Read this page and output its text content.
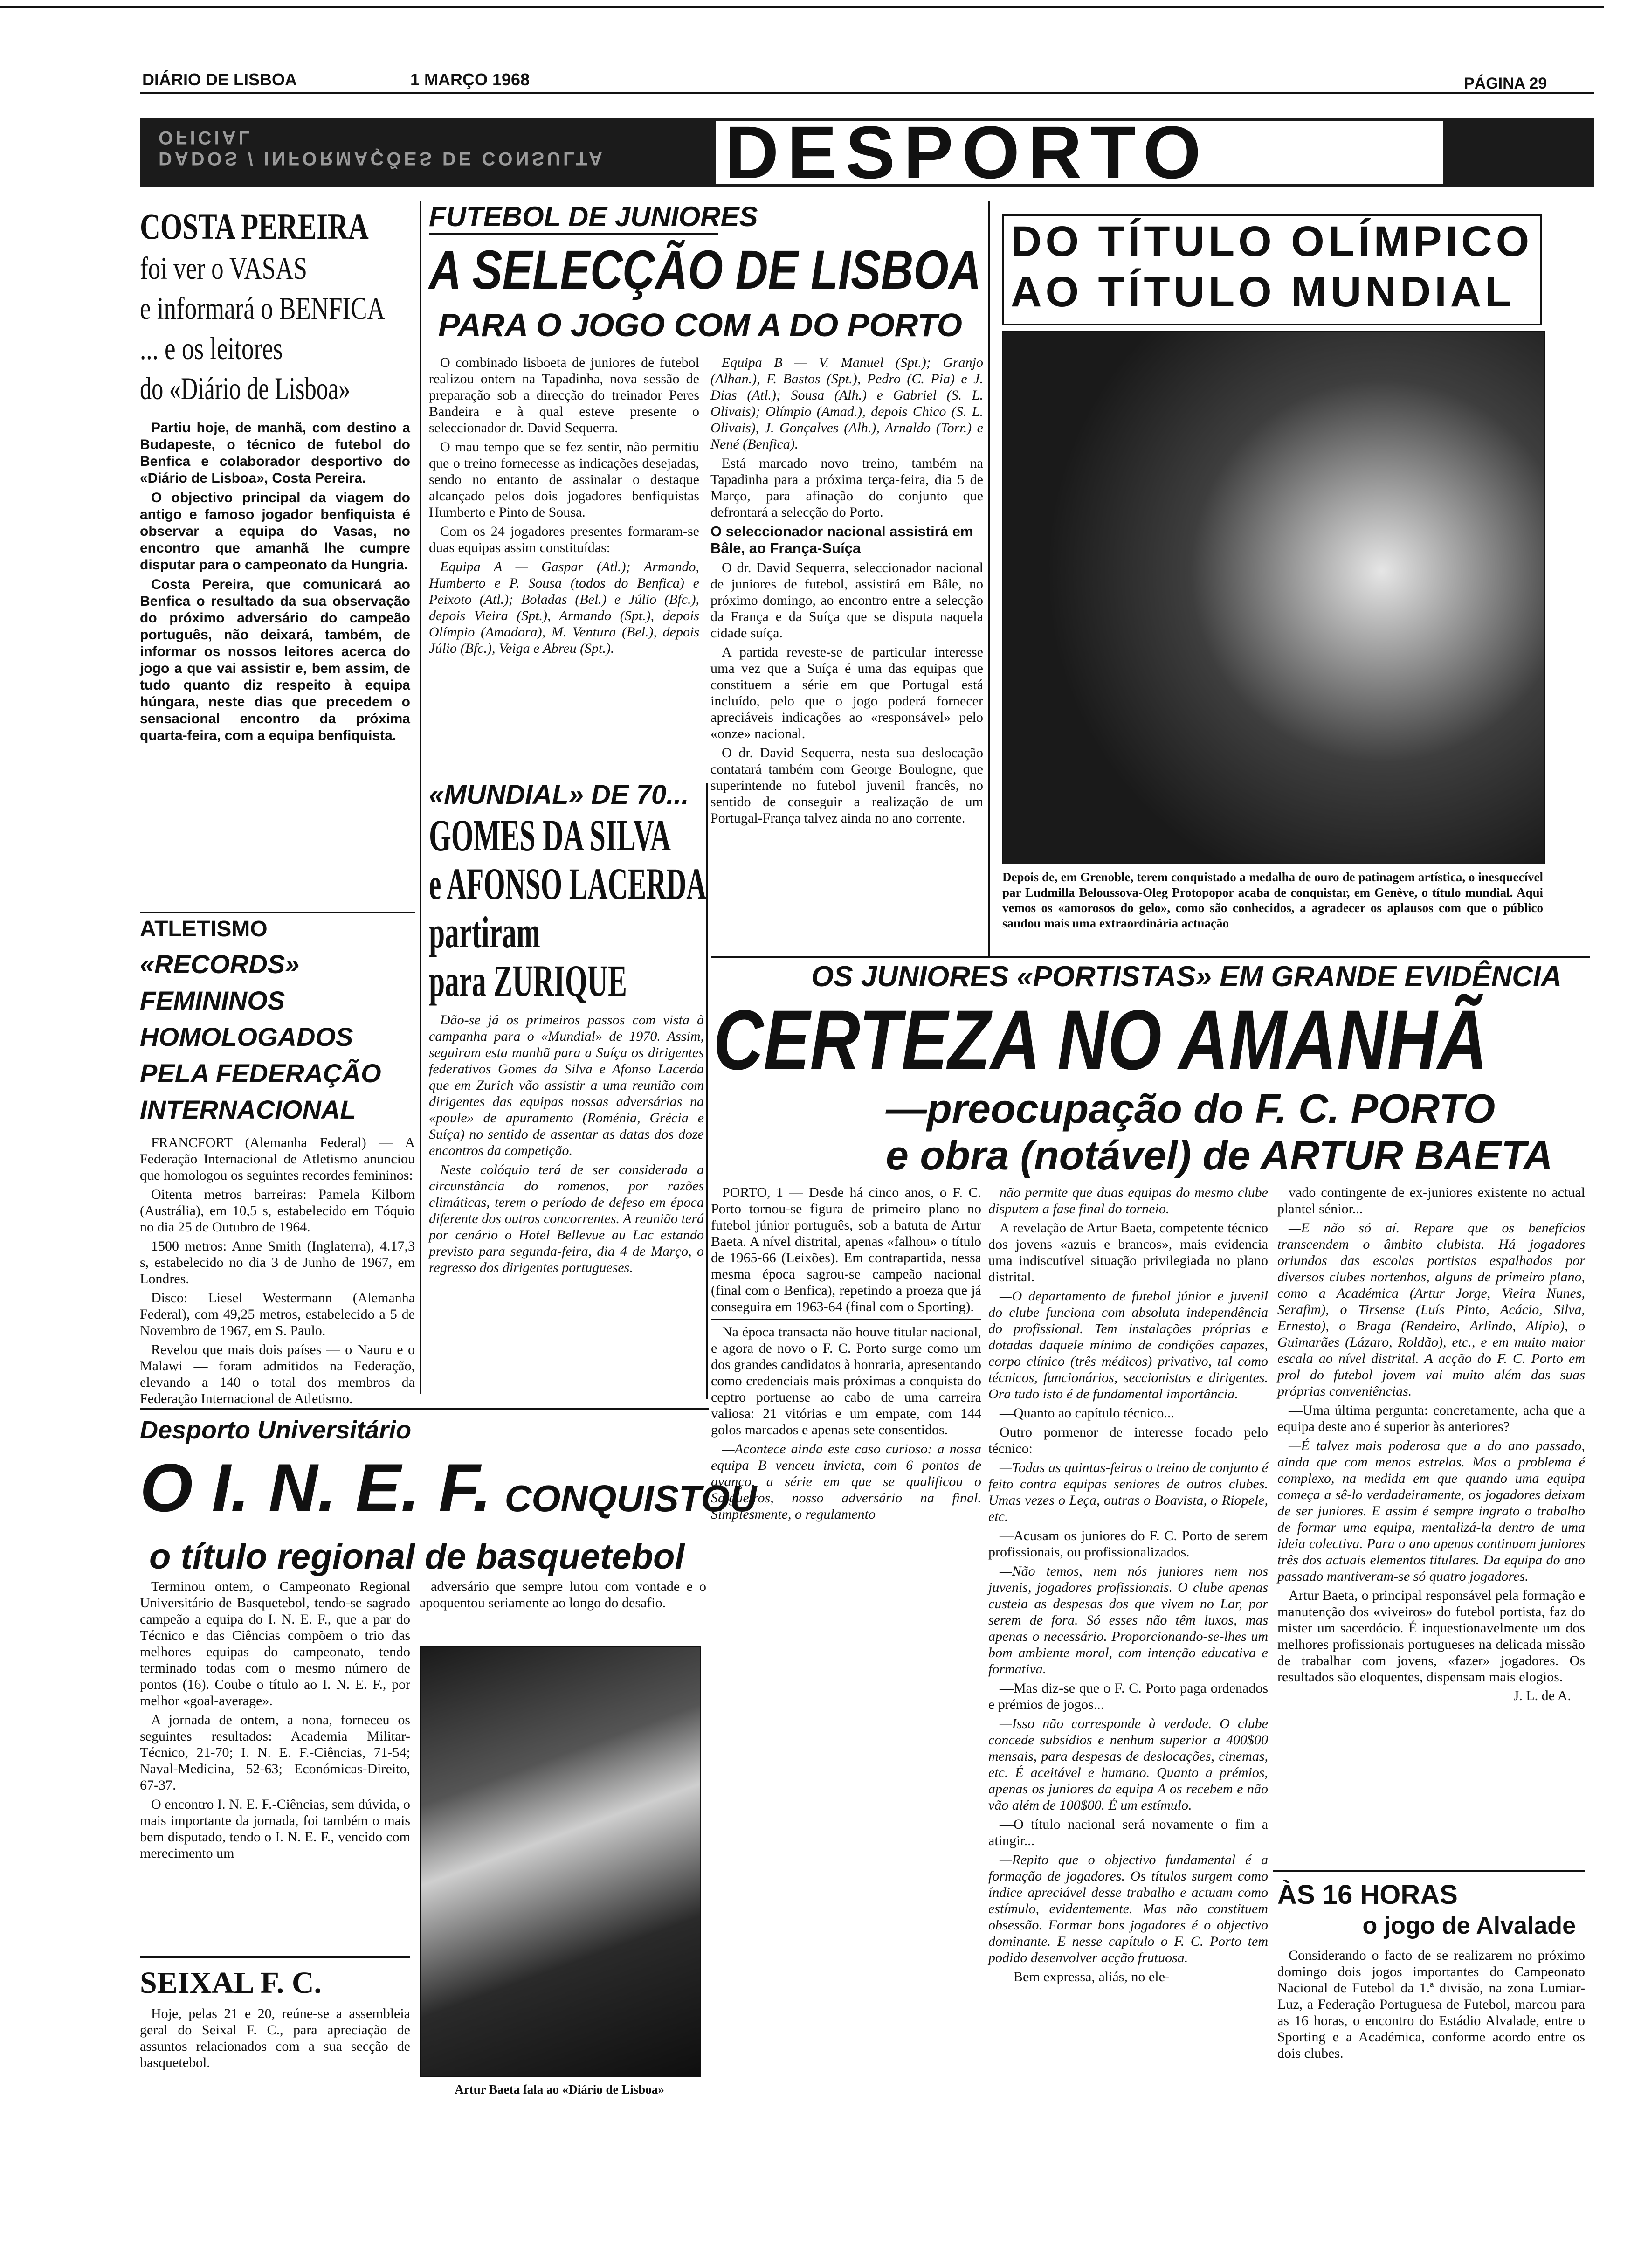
DIÁRIO DE LISBOA	1 MARÇO 1968	PÁGINA 29
DADOS / INFORMAÇÕES DE CONSULTA OFICIAL	DESPORTO
COSTA PEREIRA
foi ver o VASAS
e informará o BENFICA
... e os leitores
do «Diário de Lisboa»

Partiu hoje, de manhã, com destino a Budapeste, o técnico de futebol do Benfica e colaborador desportivo do «Diário de Lisboa», Costa Pereira.

O objectivo principal da viagem do antigo e famoso jogador benfiquista é observar a equipa do Vasas, no encontro que amanhã lhe cumpre disputar para o campeonato da Hungria.

Costa Pereira, que comunicará ao Benfica o resultado da sua observação do próximo adversário do campeão português, não deixará, também, de informar os nossos leitores acerca do jogo a que vai assistir e, bem assim, de tudo quanto diz respeito à equipa húngara, neste dias que precedem o sensacional encontro da próxima quarta-feira, com a equipa benfiquista.

ATLETISMO
«RECORDS» FEMININOS HOMOLOGADOS PELA FEDERAÇÃO INTERNACIONAL

FRANCFORT (Alemanha Federal) — A Federação Internacional de Atletismo anunciou que homologou os seguintes recordes femininos:

Oitenta metros barreiras: Pamela Kilborn (Austrália), em 10,5 s, estabelecido em Tóquio no dia 25 de Outubro de 1964.

1500 metros: Anne Smith (Inglaterra), 4.17,3 s, estabelecido no dia 3 de Junho de 1967, em Londres.

Disco: Liesel Westermann (Alemanha Federal), com 49,25 metros, estabelecido a 5 de Novembro de 1967, em S. Paulo.

Revelou que mais dois países — o Nauru e o Malawi — foram admitidos na Federação, elevando a 140 o total dos membros da Federação Internacional de Atletismo.

FUTEBOL DE JUNIORES
A SELECÇÃO DE LISBOA
PARA O JOGO COM A DO PORTO

O combinado lisboeta de juniores de futebol realizou ontem na Tapadinha, nova sessão de preparação sob a direcção do treinador Peres Bandeira e à qual esteve presente o seleccionador dr. David Sequerra.

O mau tempo que se fez sentir, não permitiu que o treino fornecesse as indicações desejadas, sendo no entanto de assinalar o destaque alcançado pelos dois jogadores benfiquistas Humberto e Pinto de Sousa.

Com os 24 jogadores presentes formaram-se duas equipas assim constituídas:

Equipa A — Gaspar (Atl.); Armando, Humberto e P. Sousa (todos do Benfica) e Peixoto (Atl.); Boladas (Bel.) e Júlio (Bfc.), depois Vieira (Spt.), Armando (Spt.), depois Olímpio (Amadora), M. Ventura (Bel.), depois Júlio (Bfc.), Veiga e Abreu (Spt.).

Equipa B — V. Manuel (Spt.); Granjo (Alhan.), F. Bastos (Spt.), Pedro (C. Pia) e J. Dias (Atl.); Sousa (Alh.) e Gabriel (S. L. Olivais); Olímpio (Amad.), depois Chico (S. L. Olivais), J. Gonçalves (Alh.), Arnaldo (Torr.) e Nené (Benfica).

Está marcado novo treino, também na Tapadinha para a próxima terça-feira, dia 5 de Março, para afinação do conjunto que defrontará a selecção do Porto.

O seleccionador nacional assistirá em Bâle, ao França-Suíça

O dr. David Sequerra, seleccionador nacional de juniores de futebol, assistirá em Bâle, no próximo domingo, ao encontro entre a selecção da França e da Suíça que se disputa naquela cidade suíça.

A partida reveste-se de particular interesse uma vez que a Suíça é uma das equipas que constituem a série em que Portugal está incluído, pelo que o jogo poderá fornecer apreciáveis indicações ao «responsável» pelo «onze» nacional.

O dr. David Sequerra, nesta sua deslocação contatará também com George Boulogne, que superintende no futebol juvenil francês, no sentido de conseguir a realização de um Portugal-França talvez ainda no ano corrente.

DO TÍTULO OLÍMPICO
AO TÍTULO MUNDIAL
Depois de, em Grenoble, terem conquistado a medalha de ouro de patinagem artística, o inesquecível par Ludmilla Beloussova-Oleg Protopopor acaba de conquistar, em Genève, o título mundial. Aqui vemos os «amorosos do gelo», como são conhecidos, a agradecer os aplausos com que o público saudou mais uma extraordinária actuação
«MUNDIAL» DE 70...
GOMES DA SILVA
e AFONSO LACERDA
partiram
para ZURIQUE

Dão-se já os primeiros passos com vista à campanha para o «Mundial» de 1970. Assim, seguiram esta manhã para a Suíça os dirigentes federativos Gomes da Silva e Afonso Lacerda que em Zurich vão assistir a uma reunião com dirigentes das equipas nossas adversárias na «poule» de apuramento (Roménia, Grécia e Suíça) no sentido de assentar as datas dos doze encontros da competição.

Neste colóquio terá de ser considerada a circunstância do romenos, por razões climáticas, terem o período de defeso em época diferente dos outros concorrentes. A reunião terá por cenário o Hotel Bellevue au Lac estando previsto para segunda-feira, dia 4 de Março, o regresso dos dirigentes portugueses.

OS JUNIORES «PORTISTAS» EM GRANDE EVIDÊNCIA
CERTEZA NO AMANHÃ
—preocupação do F. C. PORTO
e obra (notável) de ARTUR BAETA

PORTO, 1 — Desde há cinco anos, o F. C. Porto tornou-se figura de primeiro plano no futebol júnior português, sob a batuta de Artur Baeta. A nível distrital, apenas «falhou» o título de 1965-66 (Leixões). Em contrapartida, nessa mesma época sagrou-se campeão nacional (final com o Benfica), repetindo a proeza que já conseguira em 1963-64 (final com o Sporting).

Na época transacta não houve titular nacional, e agora de novo o F. C. Porto surge como um dos grandes candidatos à honraria, apresentando como credenciais mais próximas a conquista do ceptro portuense ao cabo de uma carreira valiosa: 21 vitórias e um empate, com 144 golos marcados e apenas sete consentidos.

—Acontece ainda este caso curioso: a nossa equipa B venceu invicta, com 6 pontos de avanço, a série em que se qualificou o Salgueiros, nosso adversário na final. Simplesmente, o regulamento

não permite que duas equipas do mesmo clube disputem a fase final do torneio.

A revelação de Artur Baeta, competente técnico dos jovens «azuis e brancos», mais evidencia uma indiscutível situação privilegiada no plano distrital.

—O departamento de futebol júnior e juvenil do clube funciona com absoluta independência do profissional. Tem instalações próprias e dotadas daquele mínimo de condições capazes, corpo clínico (três médicos) privativo, tal como técnicos, funcionários, seccionistas e dirigentes. Ora tudo isto é de fundamental importância.

—Quanto ao capítulo técnico...

Outro pormenor de interesse focado pelo técnico:

—Todas as quintas-feiras o treino de conjunto é feito contra equipas seniores de outros clubes. Umas vezes o Leça, outras o Boavista, o Riopele, etc.

—Acusam os juniores do F. C. Porto de serem profissionais, ou profissionalizados.

—Não temos, nem nós juniores nem nos juvenis, jogadores profissionais. O clube apenas custeia as despesas dos que vivem no Lar, por serem de fora. Só esses não têm luxos, mas apenas o necessário. Proporcionando-se-lhes um bom ambiente moral, com intenção educativa e formativa.

—Mas diz-se que o F. C. Porto paga ordenados e prémios de jogos...

—Isso não corresponde à verdade. O clube concede subsídios e nenhum superior a 400$00 mensais, para despesas de deslocações, cinemas, etc. É aceitável e humano. Quanto a prémios, apenas os juniores da equipa A os recebem e não vão além de 100$00. É um estímulo.

—O título nacional será novamente o fim a atingir...

—Repito que o objectivo fundamental é a formação de jogadores. Os títulos surgem como índice apreciável desse trabalho e actuam como estímulo, evidentemente. Mas não constituem obsessão. Formar bons jogadores é o objectivo dominante. E nesse capítulo o F. C. Porto tem podido desenvolver acção frutuosa.

—Bem expressa, aliás, no ele-

vado contingente de ex-juniores existente no actual plantel sénior...

—E não só aí. Repare que os benefícios transcendem o âmbito clubista. Há jogadores oriundos das escolas portistas espalhados por diversos clubes nortenhos, alguns de primeiro plano, como a Académica (Artur Jorge, Vieira Nunes, Serafim), o Tirsense (Luís Pinto, Acácio, Silva, Ernesto), o Braga (Rendeiro, Arlindo, Alípio), o Guimarães (Lázaro, Roldão), etc., e em muito maior escala ao nível distrital. A acção do F. C. Porto em prol do futebol jovem vai muito além das suas próprias conveniências.

—Uma última pergunta: concretamente, acha que a equipa deste ano é superior às anteriores?

—É talvez mais poderosa que a do ano passado, ainda que com menos estrelas. Mas o problema é complexo, na medida em que quando uma equipa começa a sê-lo verdadeiramente, os jogadores deixam de ser juniores. E assim é sempre ingrato o trabalho de formar uma equipa, mentalizá-la dentro de uma ideia colectiva. Para o ano apenas continuam juniores três dos actuais elementos titulares. Da equipa do ano passado mantiveram-se só quatro jogadores.

Artur Baeta, o principal responsável pela formação e manutenção dos «viveiros» do futebol portista, faz do mister um sacerdócio. É inquestionavelmente um dos melhores profissionais portugueses na delicada missão de trabalhar com jovens, «fazer» jogadores. Os resultados são eloquentes, dispensam mais elogios.

J. L. de A.
ÀS 16 HORAS
o jogo de Alvalade

Considerando o facto de se realizarem no próximo domingo dois jogos importantes do Campeonato Nacional de Futebol da 1.ª divisão, na zona Lumiar-Luz, a Federação Portuguesa de Futebol, marcou para as 16 horas, o encontro do Estádio Alvalade, entre o Sporting e a Académica, conforme acordo entre os dois clubes.

Desporto Universitário
O I. N. E. F. CONQUISTOU
o título regional de basquetebol

Terminou ontem, o Campeonato Regional Universitário de Basquetebol, tendo-se sagrado campeão a equipa do I. N. E. F., que a par do Técnico e das Ciências compõem o trio das melhores equipas do campeonato, tendo terminado todas com o mesmo número de pontos (16). Coube o título ao I. N. E. F., por melhor «goal-average».

A jornada de ontem, a nona, forneceu os seguintes resultados: Academia Militar-Técnico, 21-70; I. N. E. F.-Ciências, 71-54; Naval-Medicina, 52-63; Económicas-Direito, 67-37.

O encontro I. N. E. F.-Ciências, sem dúvida, o mais importante da jornada, foi também o mais bem disputado, tendo o I. N. E. F., vencido com merecimento um

adversário que sempre lutou com vontade e o apoquentou seriamente ao longo do desafio.

Artur Baeta fala ao «Diário de Lisboa»
SEIXAL F. C.

Hoje, pelas 21 e 20, reúne-se a assembleia geral do Seixal F. C., para apreciação de assuntos relacionados com a sua secção de basquetebol.
